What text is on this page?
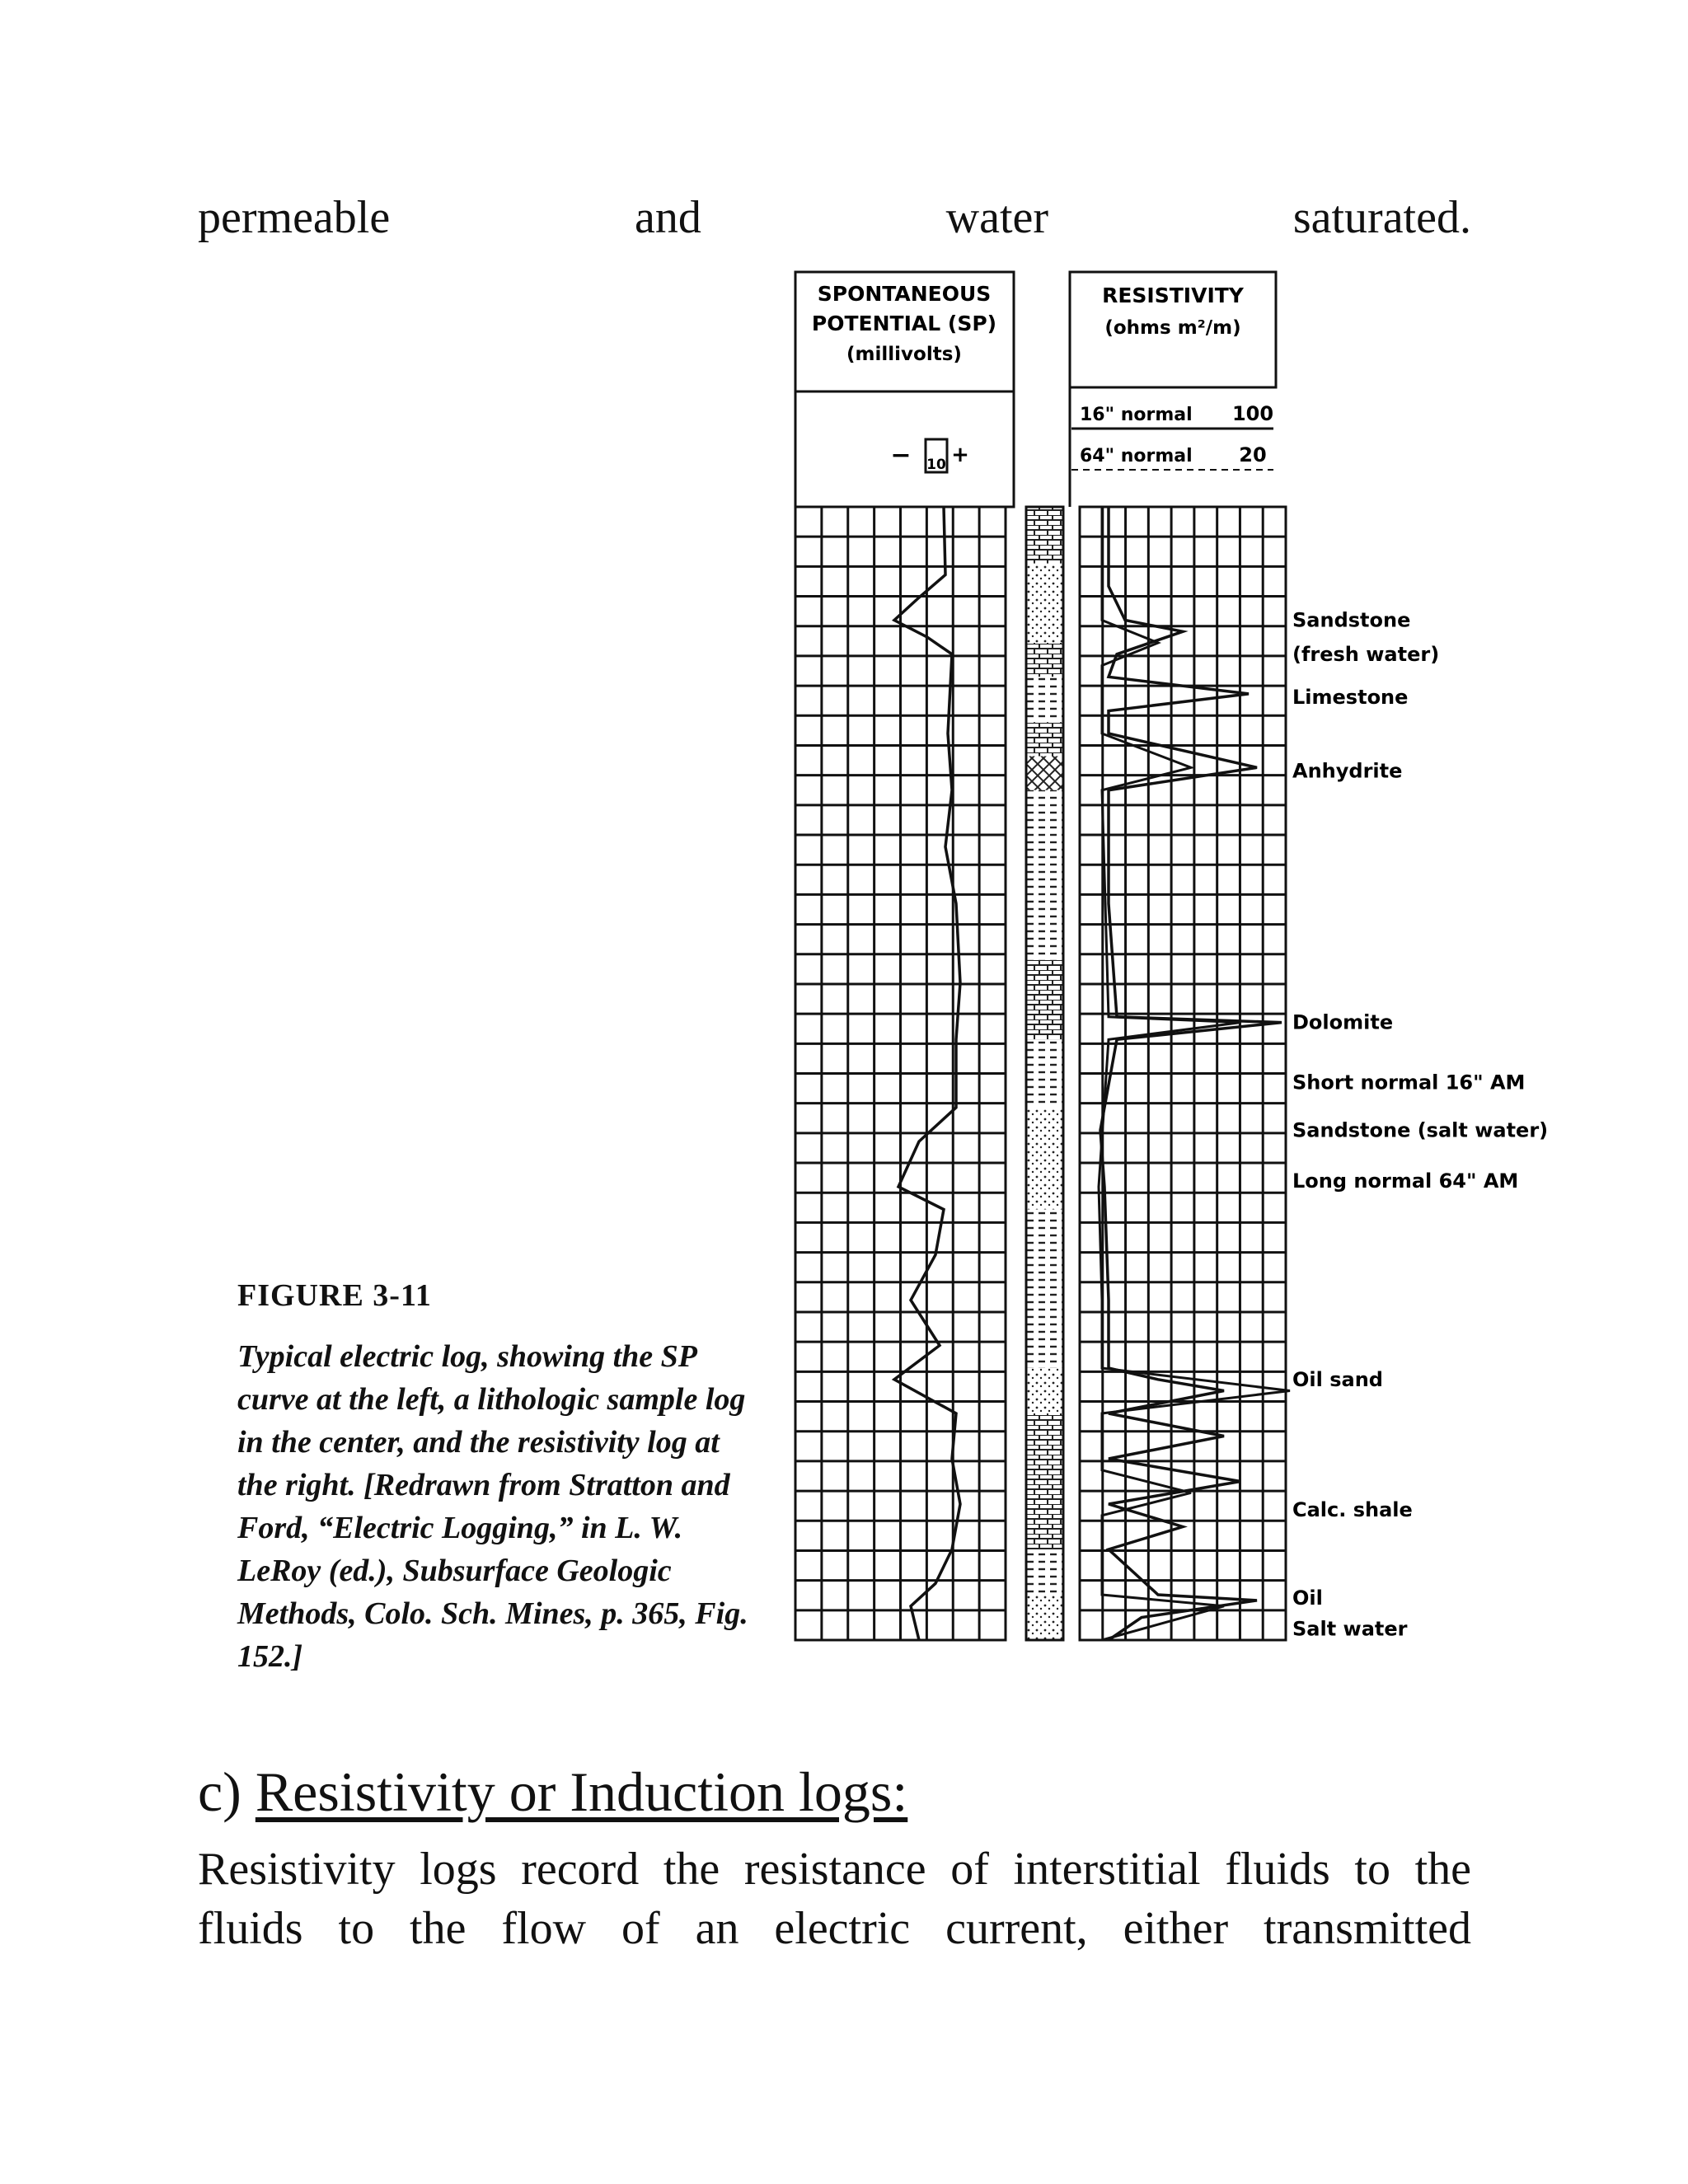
permeable	and	water	saturated.
SPONTANEOUS
POTENTIAL (SP)
(millivolts)
RESISTIVITY
(ohms m²/m)
− 10 +
16" normal 100
64" normal 20
Sandstone
(fresh water)
Limestone
Anhydrite
Dolomite
Short normal 16" AM
Sandstone (salt water)
Long normal 64" AM
Oil sand
Calc. shale
Oil
Salt water
FIGURE 3-11
Typical electric log, showing the SP curve at the left, a lithologic sample log in the center, and the resistivity log at the right. [Redrawn from Stratton and Ford, “Electric Logging,” in L. W. LeRoy (ed.), Subsurface Geologic Methods, Colo. Sch. Mines, p. 365, Fig. 152.]
c) Resistivity or Induction logs:
Resistivity logs record the resistance of interstitial fluids to the
fluids to the flow of an electric current, either transmitted
